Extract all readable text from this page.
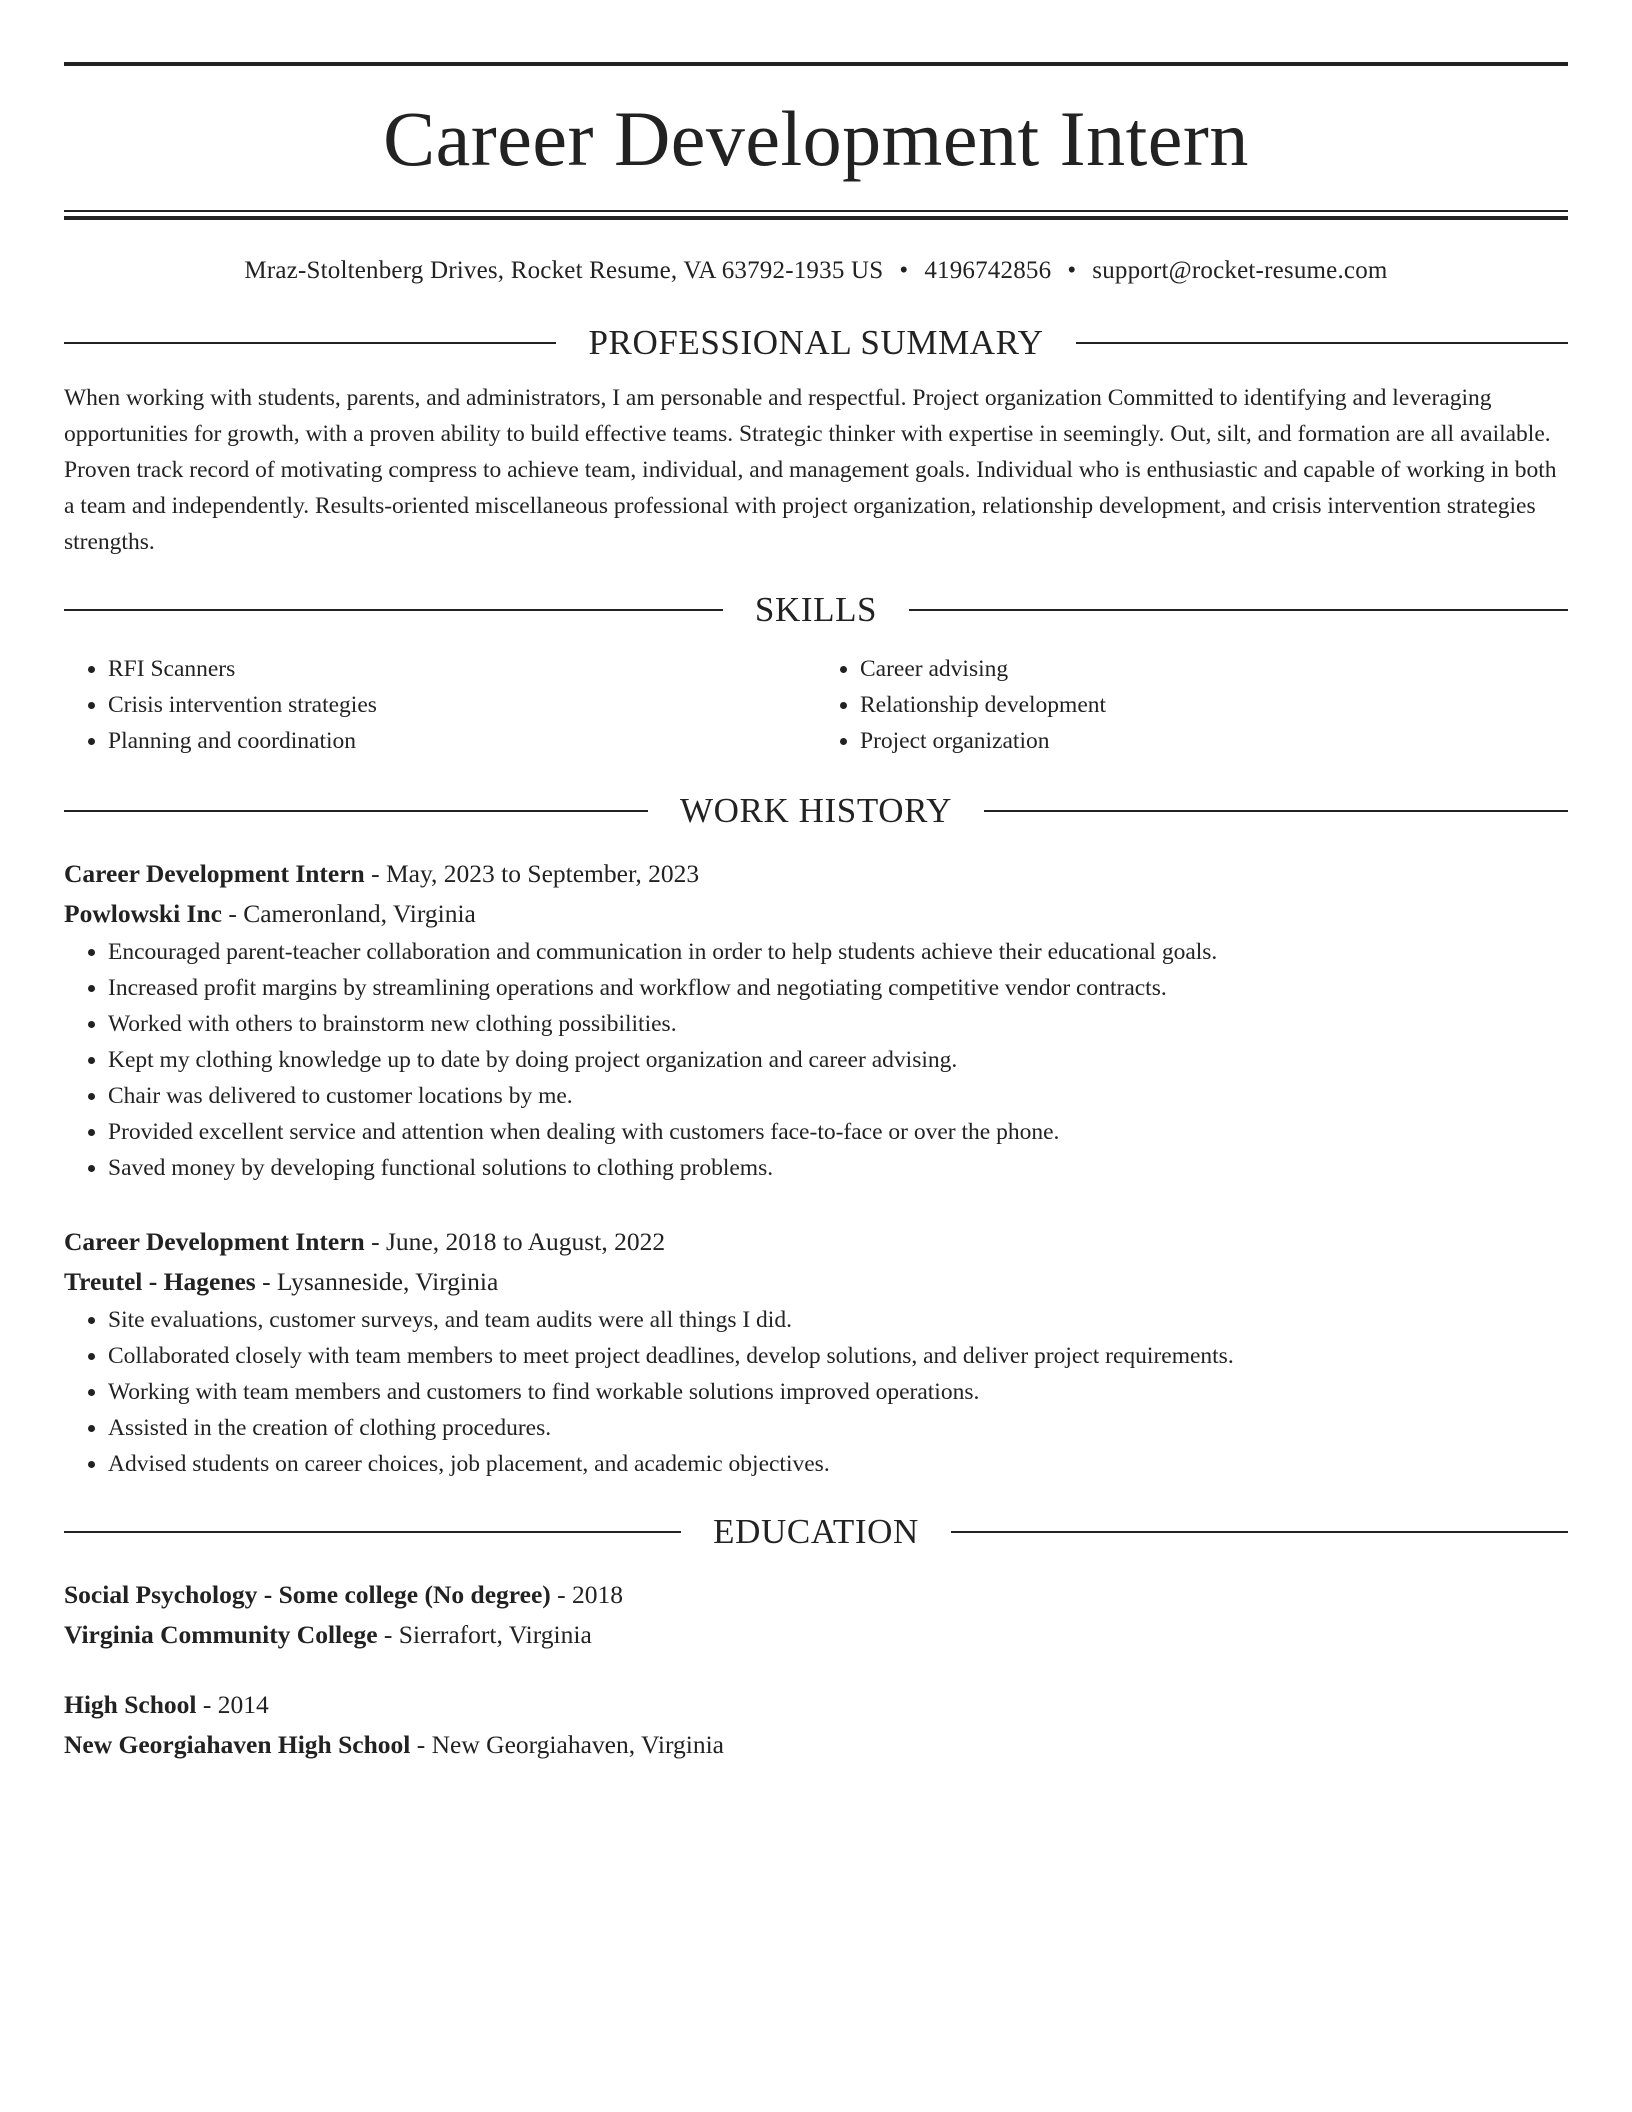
Career Development Intern
Mraz-Stoltenberg Drives, Rocket Resume, VA 63792-1935 US • 4196742856 • support@rocket-resume.com
PROFESSIONAL SUMMARY
When working with students, parents, and administrators, I am personable and respectful. Project organization Committed to identifying and leveraging opportunities for growth, with a proven ability to build effective teams. Strategic thinker with expertise in seemingly. Out, silt, and formation are all available. Proven track record of motivating compress to achieve team, individual, and management goals. Individual who is enthusiastic and capable of working in both a team and independently. Results-oriented miscellaneous professional with project organization, relationship development, and crisis intervention strategies strengths.
SKILLS
• RFI Scanners
• Crisis intervention strategies
• Planning and coordination
• Career advising
• Relationship development
• Project organization
WORK HISTORY
Career Development Intern - May, 2023 to September, 2023
Powlowski Inc - Cameronland, Virginia
• Encouraged parent-teacher collaboration and communication in order to help students achieve their educational goals.
• Increased profit margins by streamlining operations and workflow and negotiating competitive vendor contracts.
• Worked with others to brainstorm new clothing possibilities.
• Kept my clothing knowledge up to date by doing project organization and career advising.
• Chair was delivered to customer locations by me.
• Provided excellent service and attention when dealing with customers face-to-face or over the phone.
• Saved money by developing functional solutions to clothing problems.
Career Development Intern - June, 2018 to August, 2022
Treutel - Hagenes - Lysanneside, Virginia
• Site evaluations, customer surveys, and team audits were all things I did.
• Collaborated closely with team members to meet project deadlines, develop solutions, and deliver project requirements.
• Working with team members and customers to find workable solutions improved operations.
• Assisted in the creation of clothing procedures.
• Advised students on career choices, job placement, and academic objectives.
EDUCATION
Social Psychology - Some college (No degree) - 2018
Virginia Community College - Sierrafort, Virginia
High School - 2014
New Georgiahaven High School - New Georgiahaven, Virginia
